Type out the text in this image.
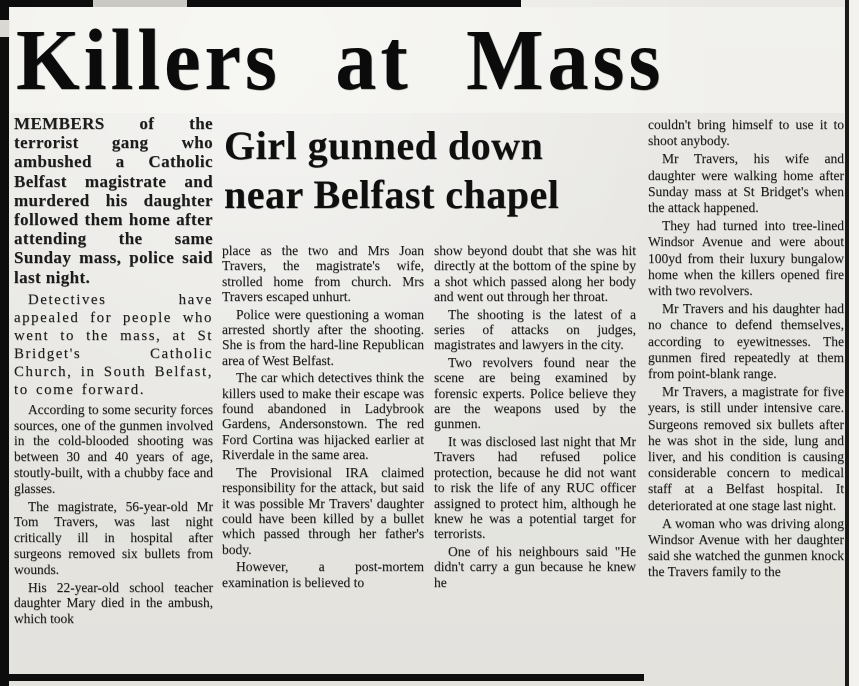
Killers at Mass
Girl gunned down
near Belfast chapel

MEMBERS of the terrorist gang who ambushed a Catholic Belfast magistrate and murdered his daughter followed them home after attending the same Sunday mass, police said last night.

Detectives have appealed for people who went to the mass, at St Bridget's Catholic Church, in South Belfast, to come forward.

According to some security forces sources, one of the gunmen involved in the cold-blooded shooting was between 30 and 40 years of age, stoutly-built, with a chubby face and glasses.

The magistrate, 56-year-old Mr Tom Travers, was last night critically ill in hospital after surgeons removed six bullets from wounds.

His 22-year-old school teacher daughter Mary died in the ambush, which took

place as the two and Mrs Joan Travers, the magistrate's wife, strolled home from church. Mrs Travers escaped unhurt.

Police were questioning a woman arrested shortly after the shooting. She is from the hard-line Republican area of West Belfast.

The car which detectives think the killers used to make their escape was found abandoned in Ladybrook Gardens, Andersonstown. The red Ford Cortina was hijacked earlier at Riverdale in the same area.

The Provisional IRA claimed responsibility for the attack, but said it was possible Mr Travers' daughter could have been killed by a bullet which passed through her father's body.

However, a post-mortem examination is believed to

show beyond doubt that she was hit directly at the bottom of the spine by a shot which passed along her body and went out through her throat.

The shooting is the latest of a series of attacks on judges, magistrates and lawyers in the city.

Two revolvers found near the scene are being examined by forensic experts. Police believe they are the weapons used by the gunmen.

It was disclosed last night that Mr Travers had refused police protection, because he did not want to risk the life of any RUC officer assigned to protect him, although he knew he was a potential target for terrorists.

One of his neighbours said "He didn't carry a gun because he knew he

couldn't bring himself to use it to shoot anybody.

Mr Travers, his wife and daughter were walking home after Sunday mass at St Bridget's when the attack happened.

They had turned into tree-lined Windsor Avenue and were about 100yd from their luxury bungalow home when the killers opened fire with two revolvers.

Mr Travers and his daughter had no chance to defend themselves, according to eyewitnesses. The gunmen fired repeatedly at them from point-blank range.

Mr Travers, a magistrate for five years, is still under intensive care. Surgeons removed six bullets after he was shot in the side, lung and liver, and his condition is causing considerable concern to medical staff at a Belfast hospital. It deteriorated at one stage last night.

A woman who was driving along Windsor Avenue with her daughter said she watched the gunmen knock the Travers family to the
